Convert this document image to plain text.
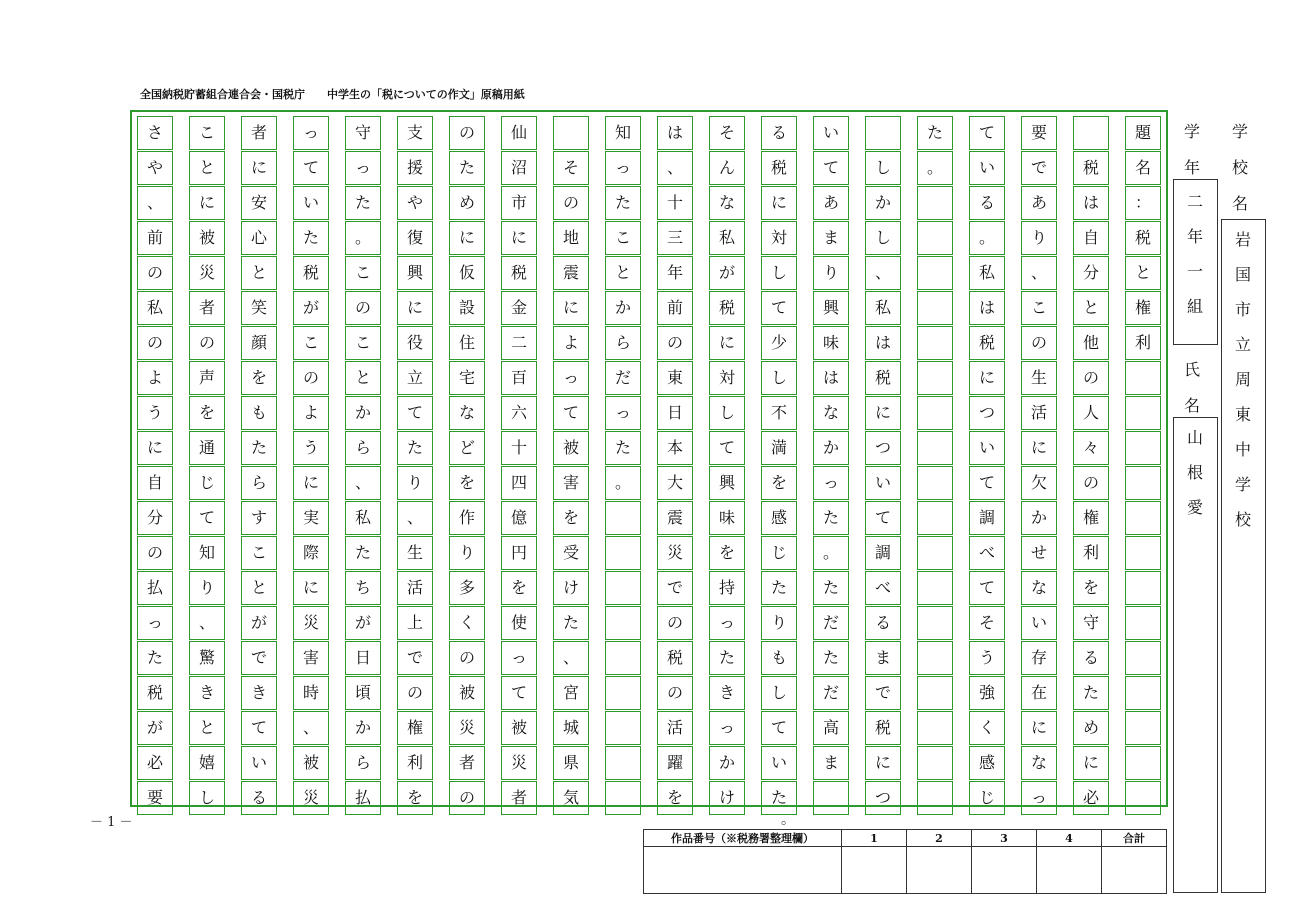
全国納税貯蓄組合連合会・国税庁　　中学生の「税についての作文」原稿用紙
題
名
：
税
と
権
利

税
は
自
分
と
他
の
人
々
の
権
利
を
守
る
た
め
に
必
要
で
あ
り
、
こ
の
生
活
に
欠
か
せ
な
い
存
在
に
な
っ
て
い
る
。
私
は
税
に
つ
い
て
調
べ
て
そ
う
強
く
感
じ
た
。

し
か
し
、
私
は
税
に
つ
い
て
調
べ
る
ま
で
税
に
つ
い
て
あ
ま
り
興
味
は
な
か
っ
た
。
た
だ
た
だ
高
ま
る
税
に
対
し
て
少
し
不
満
を
感
じ
た
り
も
し
て
い
た
そ
ん
な
私
が
税
に
対
し
て
興
味
を
持
っ
た
き
っ
か
け
は
、
十
三
年
前
の
東
日
本
大
震
災
で
の
税
の
活
躍
を
知
っ
た
こ
と
か
ら
だ
っ
た
。

そ
の
地
震
に
よ
っ
て
被
害
を
受
け
た
、
宮
城
県
気
仙
沼
市
に
税
金
二
百
六
十
四
億
円
を
使
っ
て
被
災
者
の
た
め
に
仮
設
住
宅
な
ど
を
作
り
多
く
の
被
災
者
の
支
援
や
復
興
に
役
立
て
た
り
、
生
活
上
で
の
権
利
を
守
っ
た
。
こ
の
こ
と
か
ら
、
私
た
ち
が
日
頃
か
ら
払
っ
て
い
た
税
が
こ
の
よ
う
に
実
際
に
災
害
時
、
被
災
者
に
安
心
と
笑
顔
を
も
た
ら
す
こ
と
が
で
き
て
い
る
こ
と
に
被
災
者
の
声
を
通
じ
て
知
り
、
驚
き
と
嬉
し
さ
や
、
前
の
私
の
よ
う
に
自
分
の
払
っ
た
税
が
必
要
－ 1 －	。
作品番号（※税務署整理欄）	1	2	3	4	合計

学
年
二
年
一
組
氏
名
山
根
愛
学
校
名
岩
国
市
立
周
東
中
学
校
